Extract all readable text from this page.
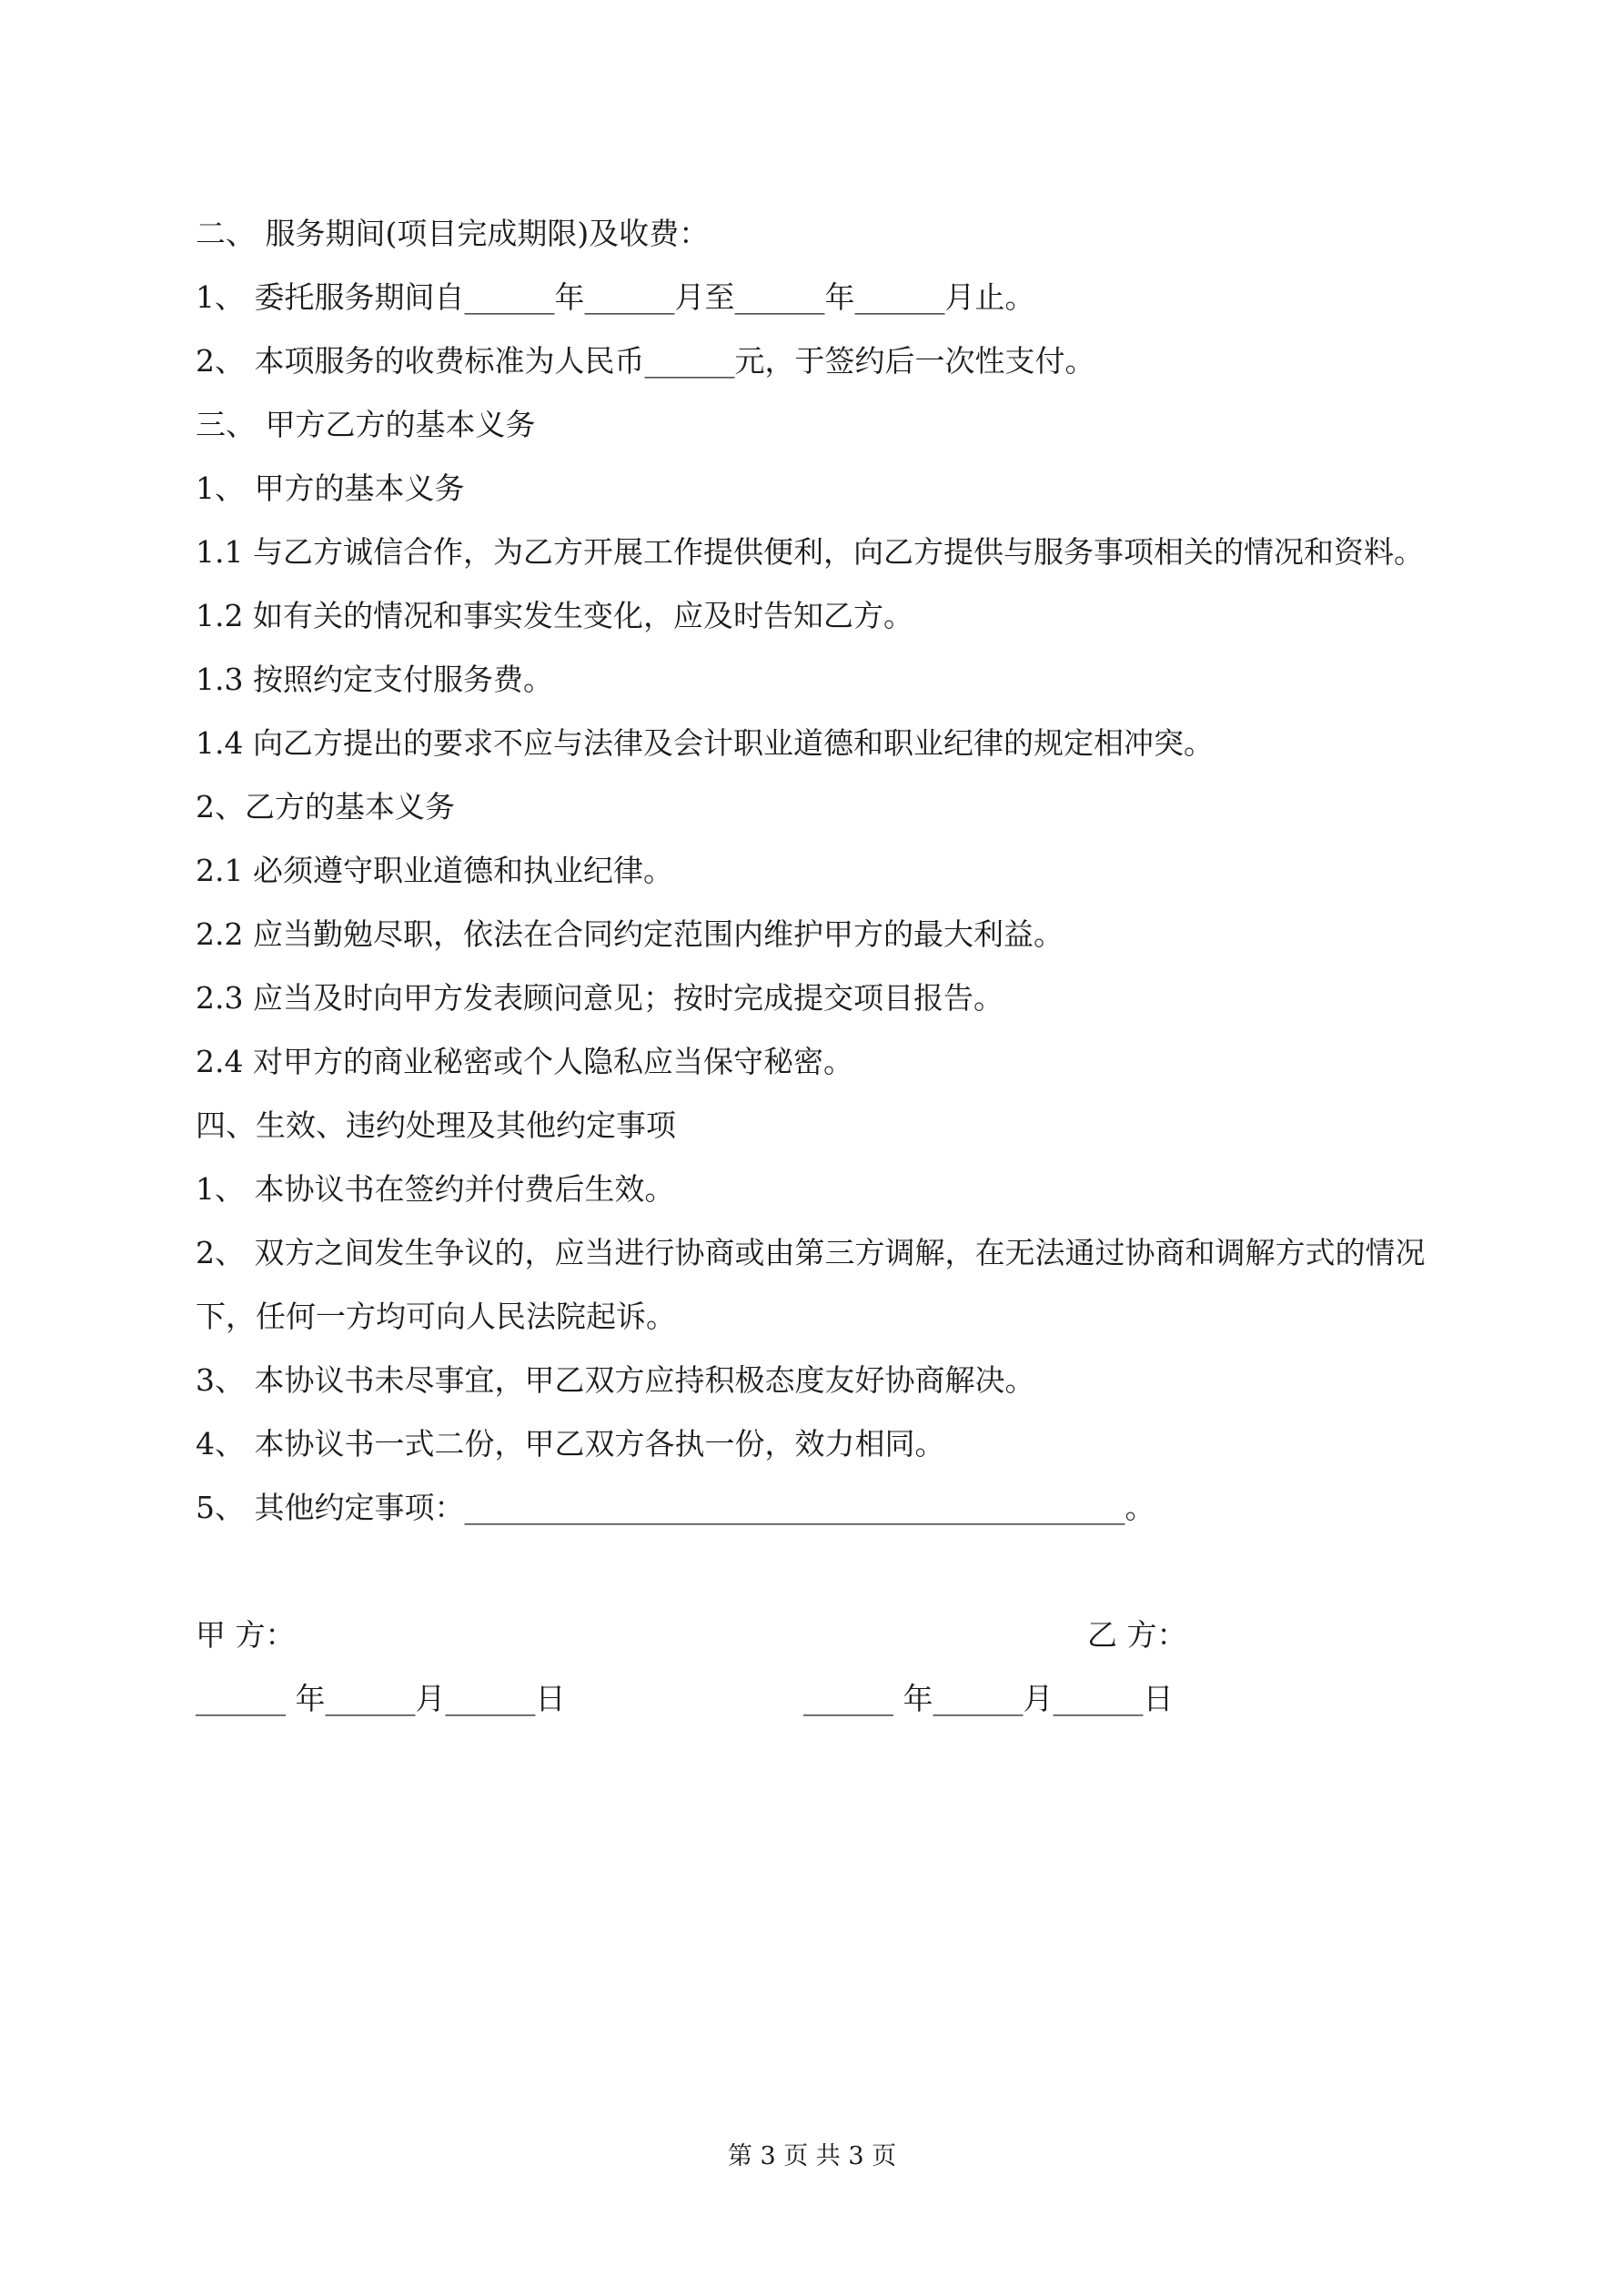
二、 服务期间(项目完成期限)及收费：
1、 委托服务期间自______年______月至______年______月止。
2、 本项服务的收费标准为人民币______元，于签约后一次性支付。
三、 甲方乙方的基本义务
1、 甲方的基本义务
1.1 与乙方诚信合作，为乙方开展工作提供便利，向乙方提供与服务事项相关的情况和资料。
1.2 如有关的情况和事实发生变化，应及时告知乙方。
1.3 按照约定支付服务费。
1.4 向乙方提出的要求不应与法律及会计职业道德和职业纪律的规定相冲突。
2、乙方的基本义务
2.1 必须遵守职业道德和执业纪律。
2.2 应当勤勉尽职，依法在合同约定范围内维护甲方的最大利益。
2.3 应当及时向甲方发表顾问意见；按时完成提交项目报告。
2.4 对甲方的商业秘密或个人隐私应当保守秘密。
四、生效、违约处理及其他约定事项
1、 本协议书在签约并付费后生效。
2、 双方之间发生争议的，应当进行协商或由第三方调解，在无法通过协商和调解方式的情况下，任何一方均可向人民法院起诉。
3、 本协议书未尽事宜，甲乙双方应持积极态度友好协商解决。
4、 本协议书一式二份，甲乙双方各执一份，效力相同。
5、 其他约定事项：____________________________________________。
甲 方：	乙 方：
______ 年______月______日	______ 年______月______日
第 3 页 共 3 页
